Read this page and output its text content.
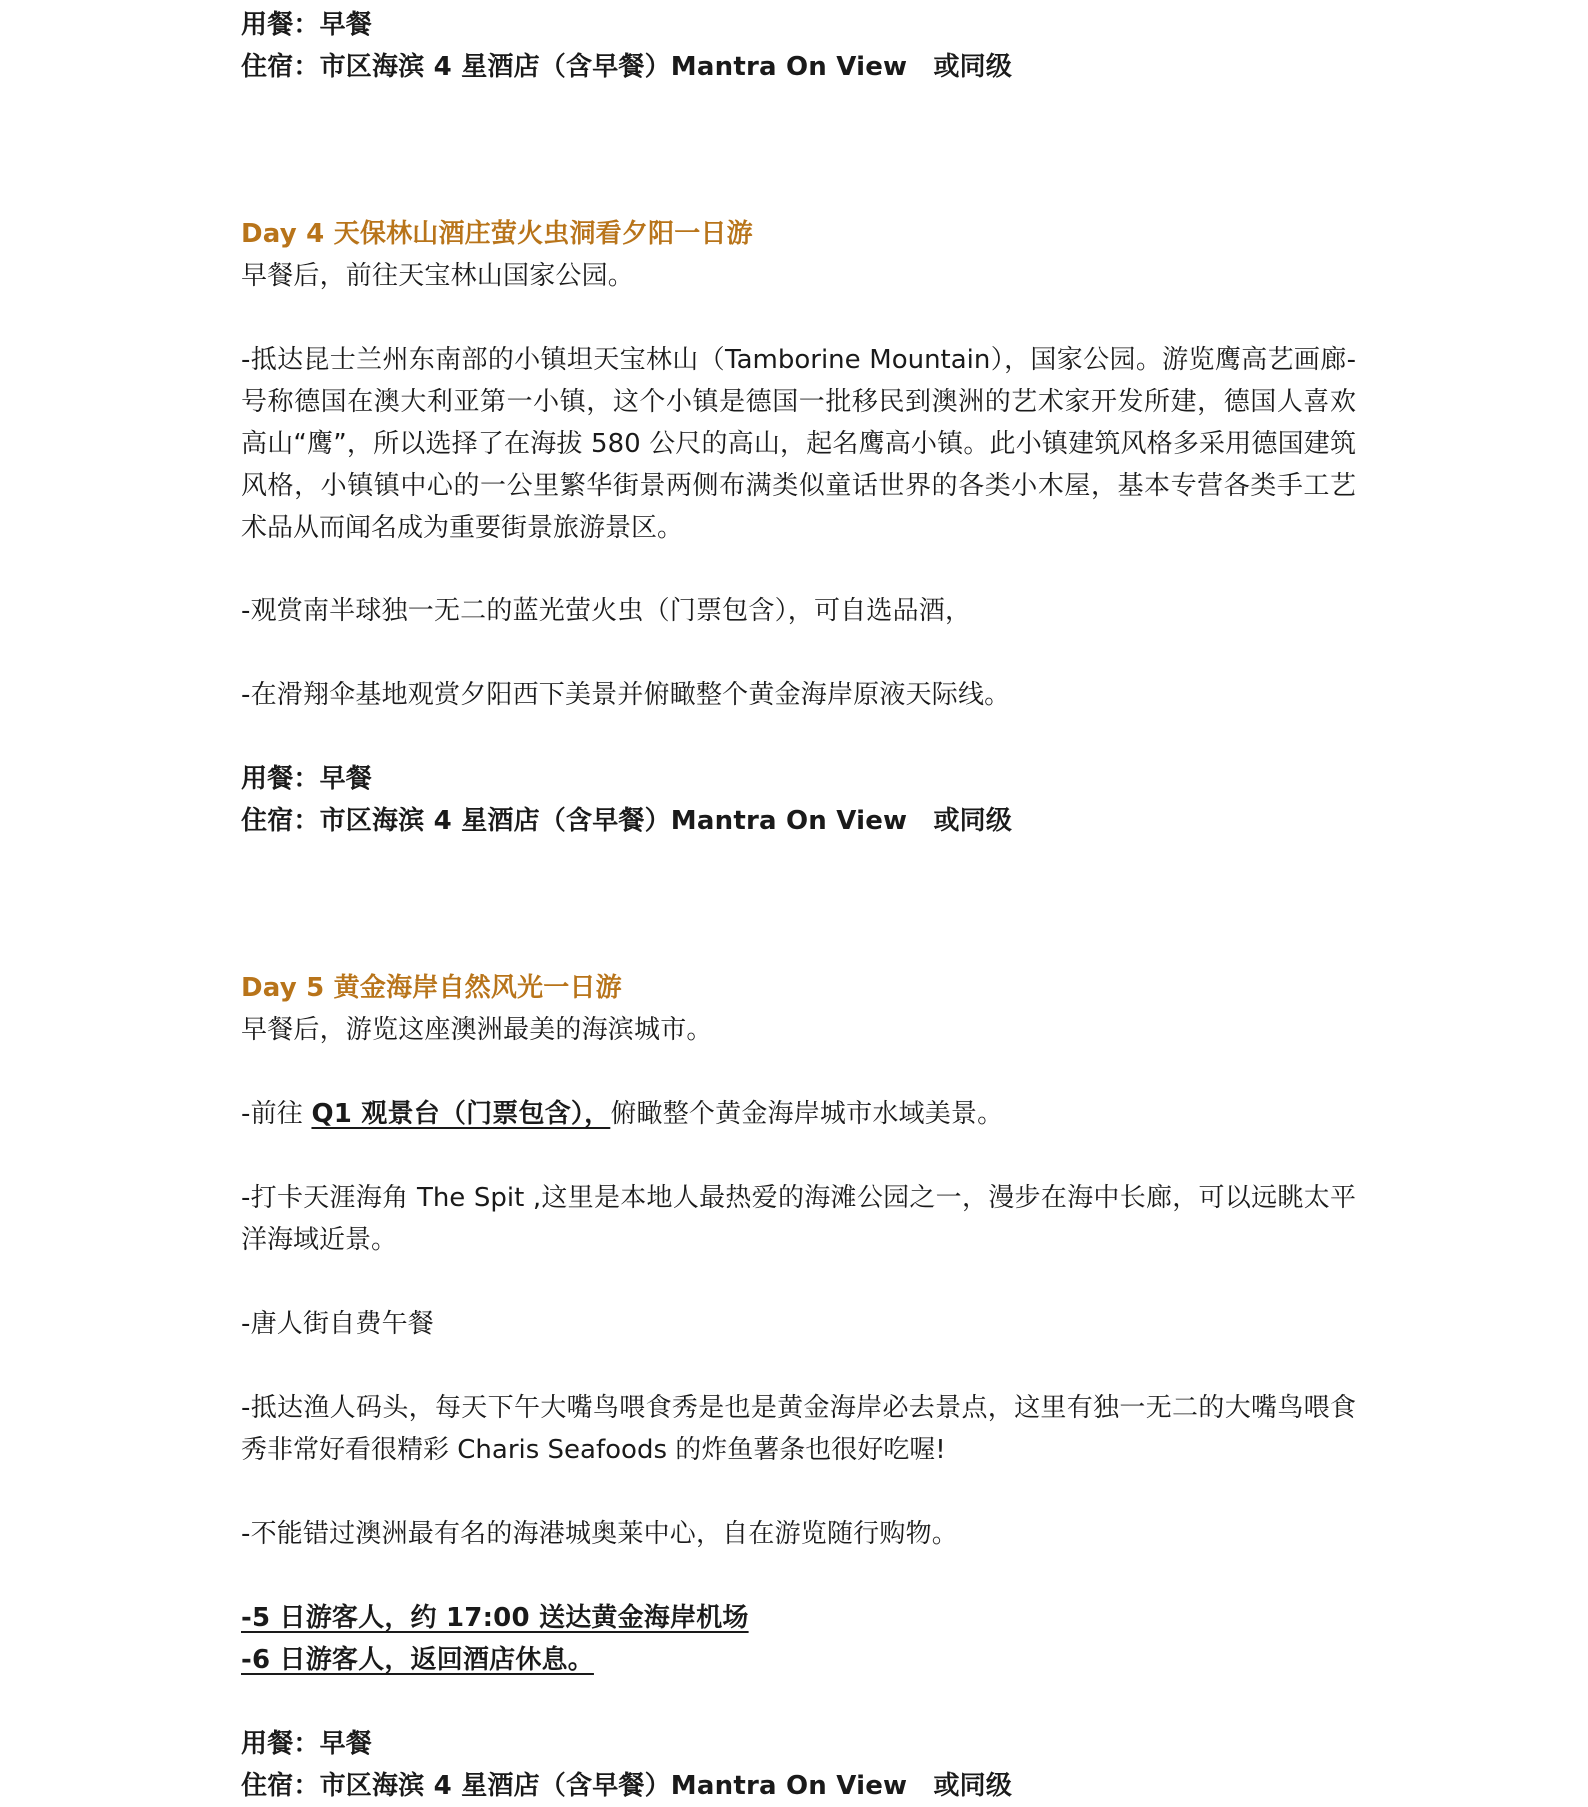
用餐：早餐
住宿：市区海滨 4 星酒店（含早餐）Mantra On View　或同级
Day 4 天保林山酒庄萤火虫洞看夕阳一日游
早餐后，前往天宝林山国家公园。
-抵达昆士兰州东南部的小镇坦天宝林山（Tamborine Mountain），国家公园。游览鹰高艺画廊-号称德国在澳大利亚第一小镇，这个小镇是德国一批移民到澳洲的艺术家开发所建，德国人喜欢高山“鹰”，所以选择了在海拔 580 公尺的高山，起名鹰高小镇。此小镇建筑风格多采用德国建筑风格，小镇镇中心的一公里繁华街景两侧布满类似童话世界的各类小木屋，基本专营各类手工艺术品从而闻名成为重要街景旅游景区。
-观赏南半球独一无二的蓝光萤火虫（门票包含），可自选品酒，
-在滑翔伞基地观赏夕阳西下美景并俯瞰整个黄金海岸原液天际线。
用餐：早餐
住宿：市区海滨 4 星酒店（含早餐）Mantra On View　或同级
Day 5 黄金海岸自然风光一日游
早餐后，游览这座澳洲最美的海滨城市。
-前往 Q1 观景台（门票包含），俯瞰整个黄金海岸城市水域美景。
-打卡天涯海角 The Spit ,这里是本地人最热爱的海滩公园之一，漫步在海中长廊，可以远眺太平洋海域近景。
-唐人街自费午餐
-抵达渔人码头，每天下午大嘴鸟喂食秀是也是黄金海岸必去景点，这里有独一无二的大嘴鸟喂食秀非常好看很精彩 Charis Seafoods 的炸鱼薯条也很好吃喔!
-不能错过澳洲最有名的海港城奥莱中心，自在游览随行购物。
-5 日游客人，约 17:00 送达黄金海岸机场
-6 日游客人，返回酒店休息。
用餐：早餐
住宿：市区海滨 4 星酒店（含早餐）Mantra On View　或同级
